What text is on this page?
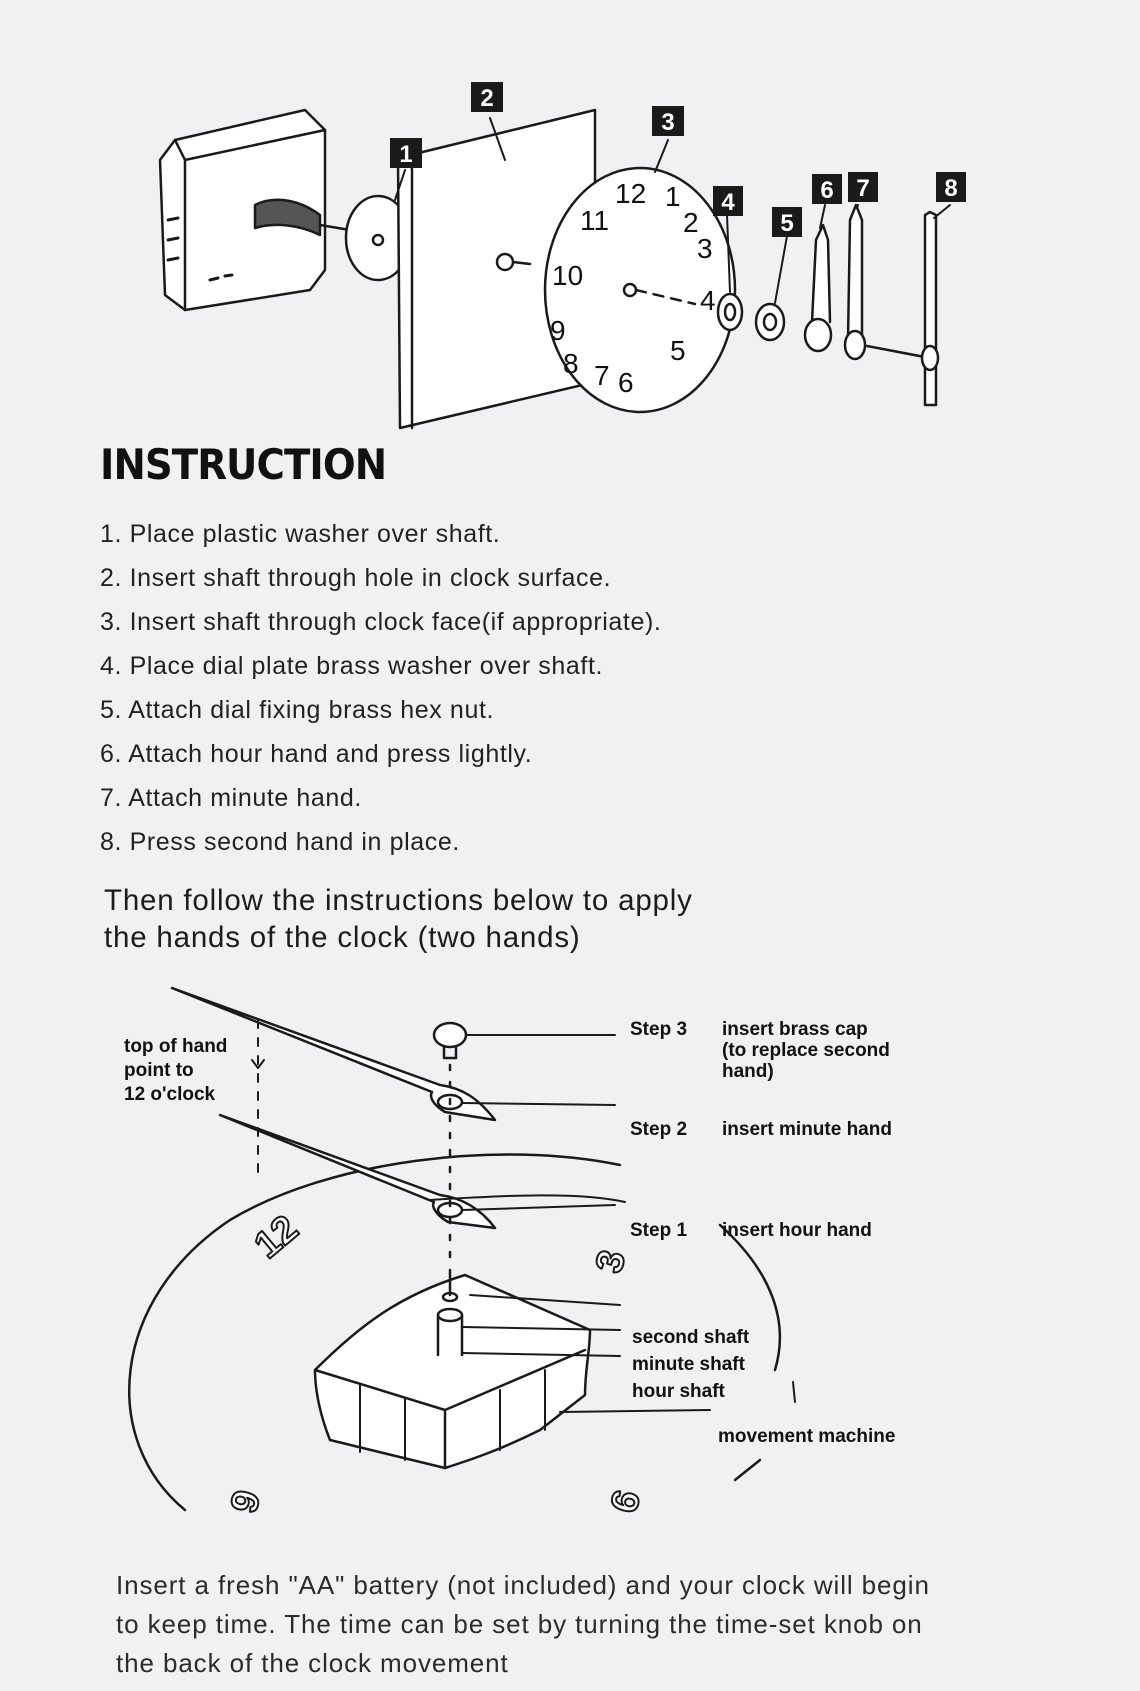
12 1
2
3
4
5
6
7
8
9
10
11
1
2
3
4
5
6 7	8
INSTRUCTION
1. Place plastic washer over shaft.
2. Insert shaft through hole in clock surface.
3. Insert shaft through clock face(if appropriate).
4. Place dial plate brass washer over shaft.
5. Attach dial fixing brass hex nut.
6. Attach hour hand and press lightly.
7. Attach minute hand.
8. Press second hand in place.

Then follow the instructions below to apply
the hands of the clock (two hands)

12	3
6
9
top of hand
point to
12 o'clock
Step 3 insert brass cap
(to replace second
hand)
Step 2 insert minute hand
Step 1 insert hour hand
second shaft
minute shaft
hour shaft
movement machine

Insert a fresh "AA" battery (not included) and your clock will begin
to keep time. The time can be set by turning the time-set knob on
the back of the clock movement
